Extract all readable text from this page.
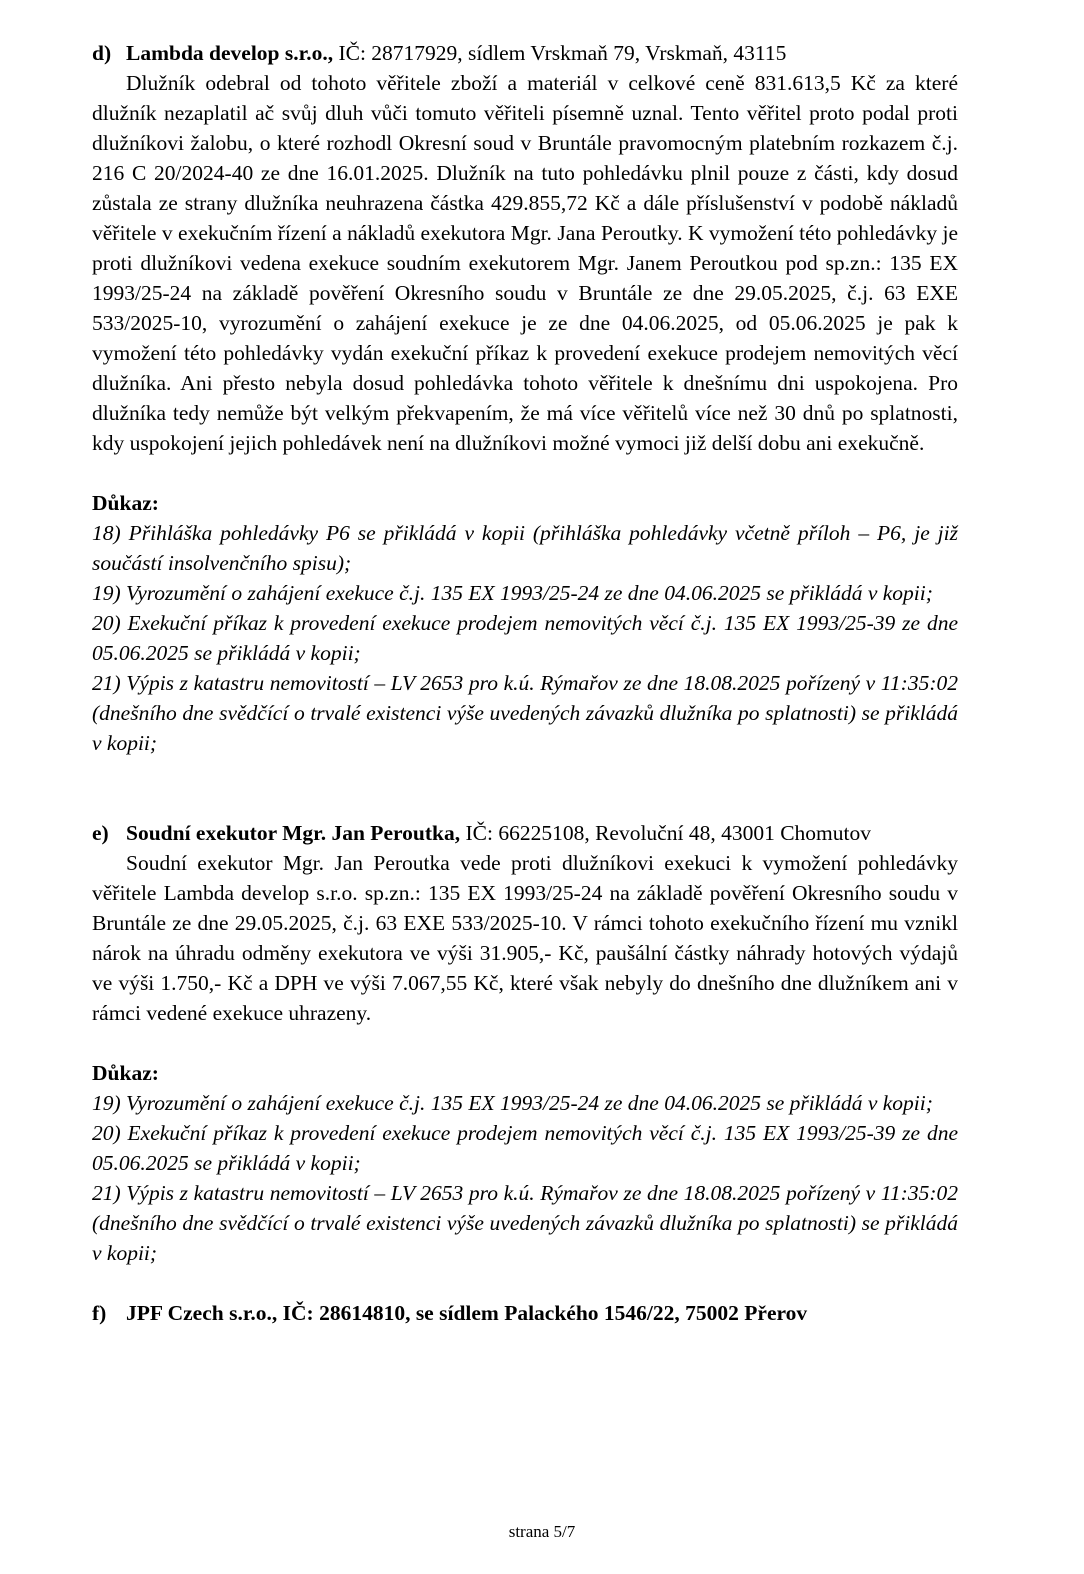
d) Lambda develop s.r.o., IČ: 28717929, sídlem Vrskmaň 79, Vrskmaň, 43115

Dlužník odebral od tohoto věřitele zboží a materiál v celkové ceně 831.613,5 Kč za které dlužník nezaplatil ač svůj dluh vůči tomuto věřiteli písemně uznal. Tento věřitel proto podal proti dlužníkovi žalobu, o které rozhodl Okresní soud v Bruntále pravomocným platebním rozkazem č.j. 216 C 20/2024-40 ze dne 16.01.2025. Dlužník na tuto pohledávku plnil pouze z části, kdy dosud zůstala ze strany dlužníka neuhrazena částka 429.855,72 Kč a dále příslušenství v podobě nákladů věřitele v exekučním řízení a nákladů exekutora Mgr. Jana Peroutky. K vymožení této pohledávky je proti dlužníkovi vedena exekuce soudním exekutorem Mgr. Janem Peroutkou pod sp.zn.: 135 EX 1993/25-24 na základě pověření Okresního soudu v Bruntále ze dne 29.05.2025, č.j. 63 EXE 533/2025-10, vyrozumění o zahájení exekuce je ze dne 04.06.2025, od 05.06.2025 je pak k vymožení této pohledávky vydán exekuční příkaz k provedení exekuce prodejem nemovitých věcí dlužníka. Ani přesto nebyla dosud pohledávka tohoto věřitele k dnešnímu dni uspokojena. Pro dlužníka tedy nemůže být velkým překvapením, že má více věřitelů více než 30 dnů po splatnosti, kdy uspokojení jejich pohledávek není na dlužníkovi možné vymoci již delší dobu ani exekučně.

Důkaz:

18) Přihláška pohledávky P6 se přikládá v kopii (přihláška pohledávky včetně příloh – P6, je již součástí insolvenčního spisu);

19) Vyrozumění o zahájení exekuce č.j. 135 EX 1993/25-24 ze dne 04.06.2025 se přikládá v kopii;

20) Exekuční příkaz k provedení exekuce prodejem nemovitých věcí č.j. 135 EX 1993/25-39 ze dne 05.06.2025 se přikládá v kopii;

21) Výpis z katastru nemovitostí – LV 2653 pro k.ú. Rýmařov ze dne 18.08.2025 pořízený v 11:35:02 (dnešního dne svědčící o trvalé existenci výše uvedených závazků dlužníka po splatnosti) se přikládá v kopii;

e) Soudní exekutor Mgr. Jan Peroutka, IČ: 66225108, Revoluční 48, 43001 Chomutov

Soudní exekutor Mgr. Jan Peroutka vede proti dlužníkovi exekuci k vymožení pohledávky věřitele Lambda develop s.r.o. sp.zn.: 135 EX 1993/25-24 na základě pověření Okresního soudu v Bruntále ze dne 29.05.2025, č.j. 63 EXE 533/2025-10. V rámci tohoto exekučního řízení mu vznikl nárok na úhradu odměny exekutora ve výši 31.905,- Kč, paušální částky náhrady hotových výdajů ve výši 1.750,- Kč a DPH ve výši 7.067,55 Kč, které však nebyly do dnešního dne dlužníkem ani v rámci vedené exekuce uhrazeny.

Důkaz:

19) Vyrozumění o zahájení exekuce č.j. 135 EX 1993/25-24 ze dne 04.06.2025 se přikládá v kopii;

20) Exekuční příkaz k provedení exekuce prodejem nemovitých věcí č.j. 135 EX 1993/25-39 ze dne 05.06.2025 se přikládá v kopii;

21) Výpis z katastru nemovitostí – LV 2653 pro k.ú. Rýmařov ze dne 18.08.2025 pořízený v 11:35:02 (dnešního dne svědčící o trvalé existenci výše uvedených závazků dlužníka po splatnosti) se přikládá v kopii;

f) JPF Czech s.r.o., IČ: 28614810, se sídlem Palackého 1546/22, 75002 Přerov

strana 5/7
